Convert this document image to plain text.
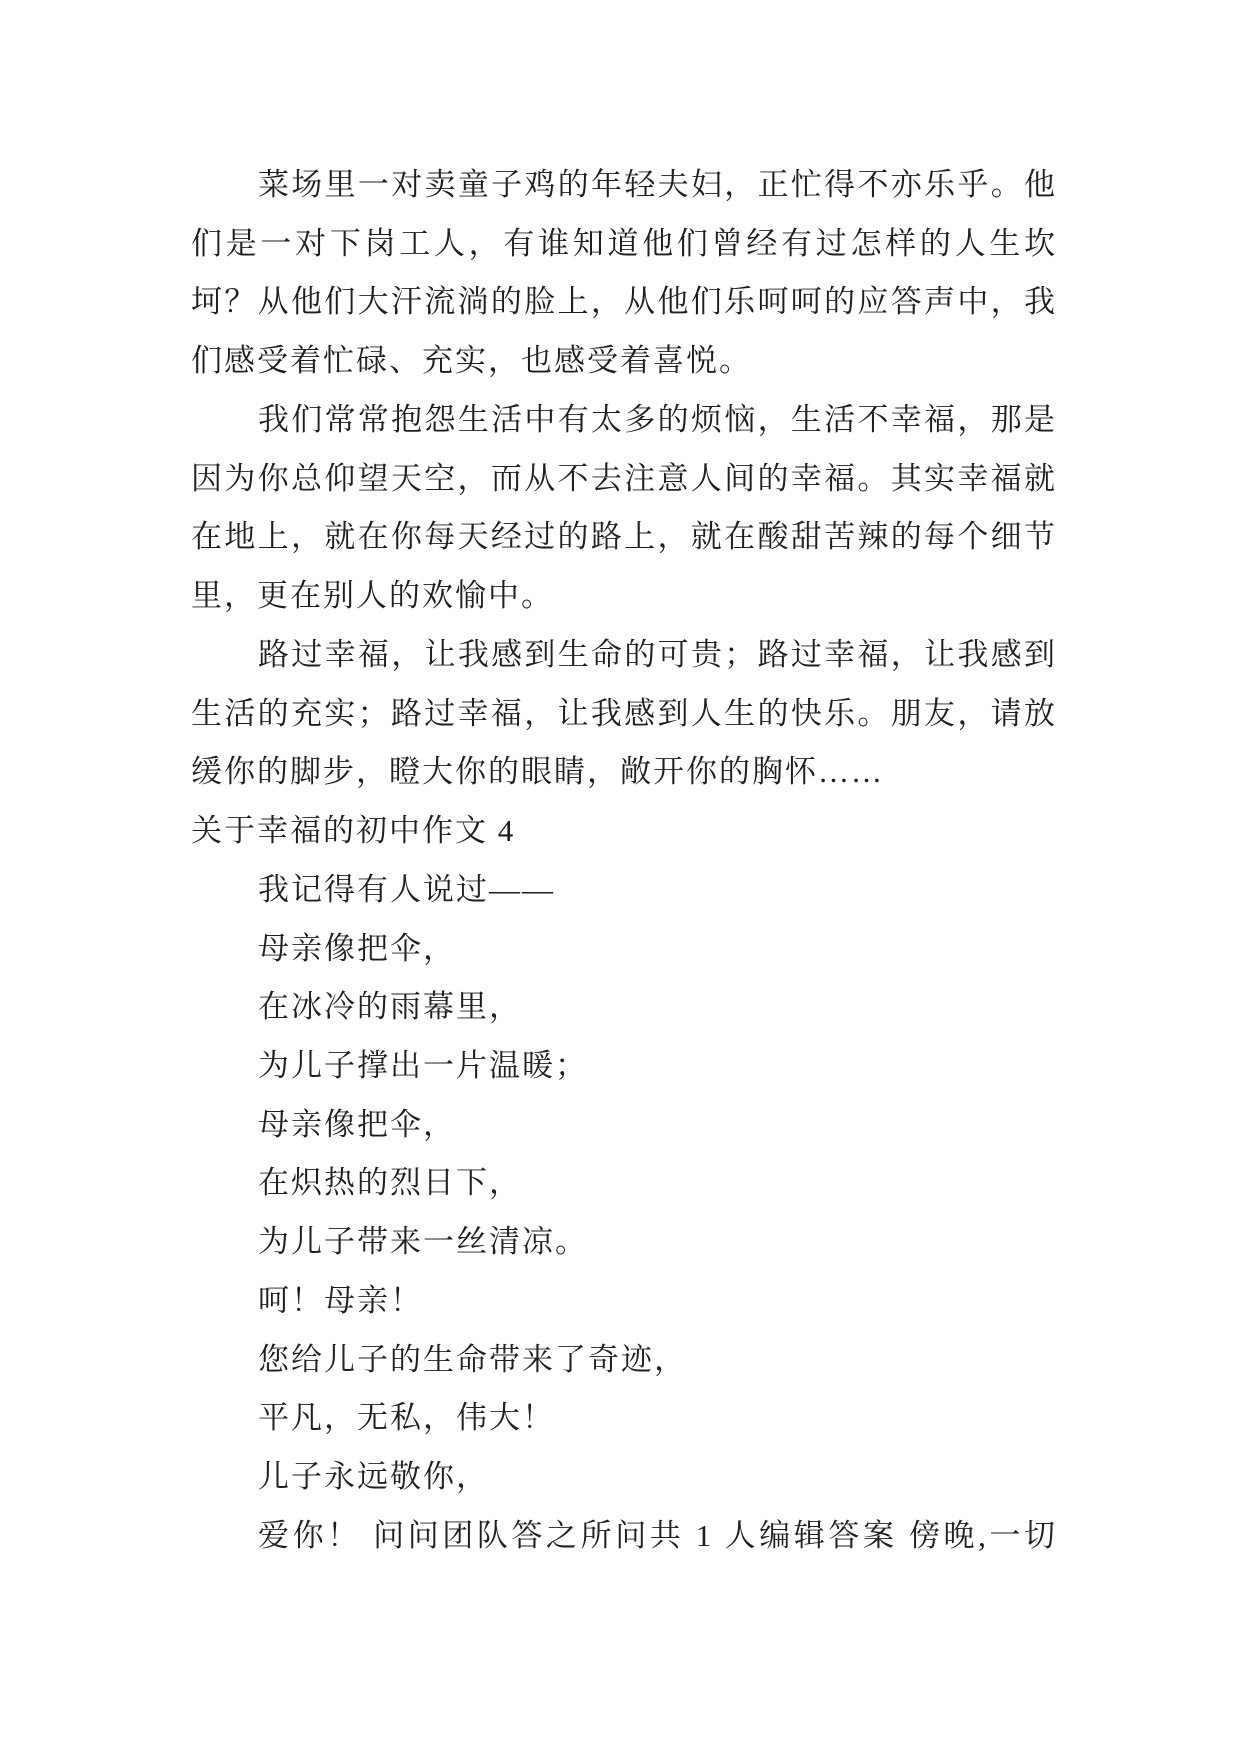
菜场里一对卖童子鸡的年轻夫妇，正忙得不亦乐乎。他
们是一对下岗工人，有谁知道他们曾经有过怎样的人生坎
坷？从他们大汗流淌的脸上，从他们乐呵呵的应答声中，我
们感受着忙碌、充实，也感受着喜悦。
我们常常抱怨生活中有太多的烦恼，生活不幸福，那是
因为你总仰望天空，而从不去注意人间的幸福。其实幸福就
在地上，就在你每天经过的路上，就在酸甜苦辣的每个细节
里，更在别人的欢愉中。
路过幸福，让我感到生命的可贵；路过幸福，让我感到
生活的充实；路过幸福，让我感到人生的快乐。朋友，请放
缓你的脚步，瞪大你的眼睛，敞开你的胸怀……
关于幸福的初中作文 4
我记得有人说过——
母亲像把伞，
在冰冷的雨幕里，
为儿子撑出一片温暖；
母亲像把伞，
在炽热的烈日下，
为儿子带来一丝清凉。
呵！母亲！
您给儿子的生命带来了奇迹，
平凡，无私，伟大！
儿子永远敬你，
爱你！ 问问团队答之所问共 1 人编辑答案 傍晚,一切
